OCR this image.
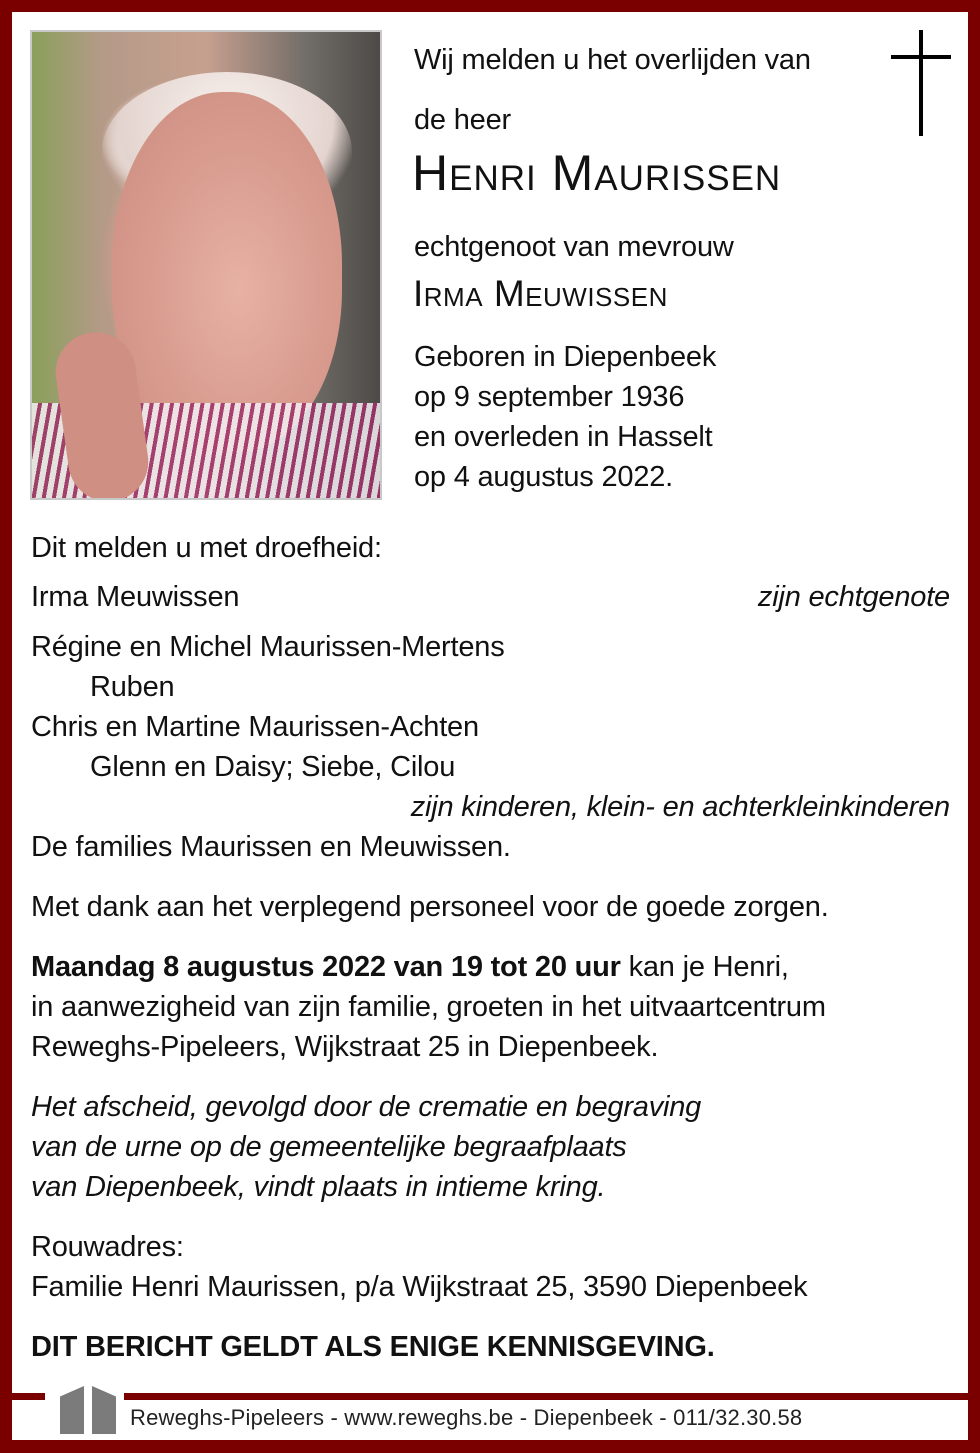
Wij melden u het overlijden van
de heer
Henri Maurissen
echtgenoot van mevrouw
Irma Meuwissen
Geboren in Diepenbeek
op 9 september 1936
en overleden in Hasselt
op 4 augustus 2022.
Dit melden u met droefheid:
Irma Meuwissen	zijn echtgenote
Régine en Michel Maurissen-Mertens
Ruben
Chris en Martine Maurissen-Achten
Glenn en Daisy; Siebe, Cilou
zijn kinderen, klein- en achterkleinkinderen
De families Maurissen en Meuwissen.
Met dank aan het verplegend personeel voor de goede zorgen.
Maandag 8 augustus 2022 van 19 tot 20 uur kan je Henri,
in aanwezigheid van zijn familie, groeten in het uitvaartcentrum
Reweghs-Pipeleers, Wijkstraat 25 in Diepenbeek.
Het afscheid, gevolgd door de crematie en begraving
van de urne op de gemeentelijke begraafplaats
van Diepenbeek, vindt plaats in intieme kring.
Rouwadres:
Familie Henri Maurissen, p/a Wijkstraat 25, 3590 Diepenbeek
DIT BERICHT GELDT ALS ENIGE KENNISGEVING.
Reweghs-Pipeleers - www.reweghs.be - Diepenbeek - 011/32.30.58
